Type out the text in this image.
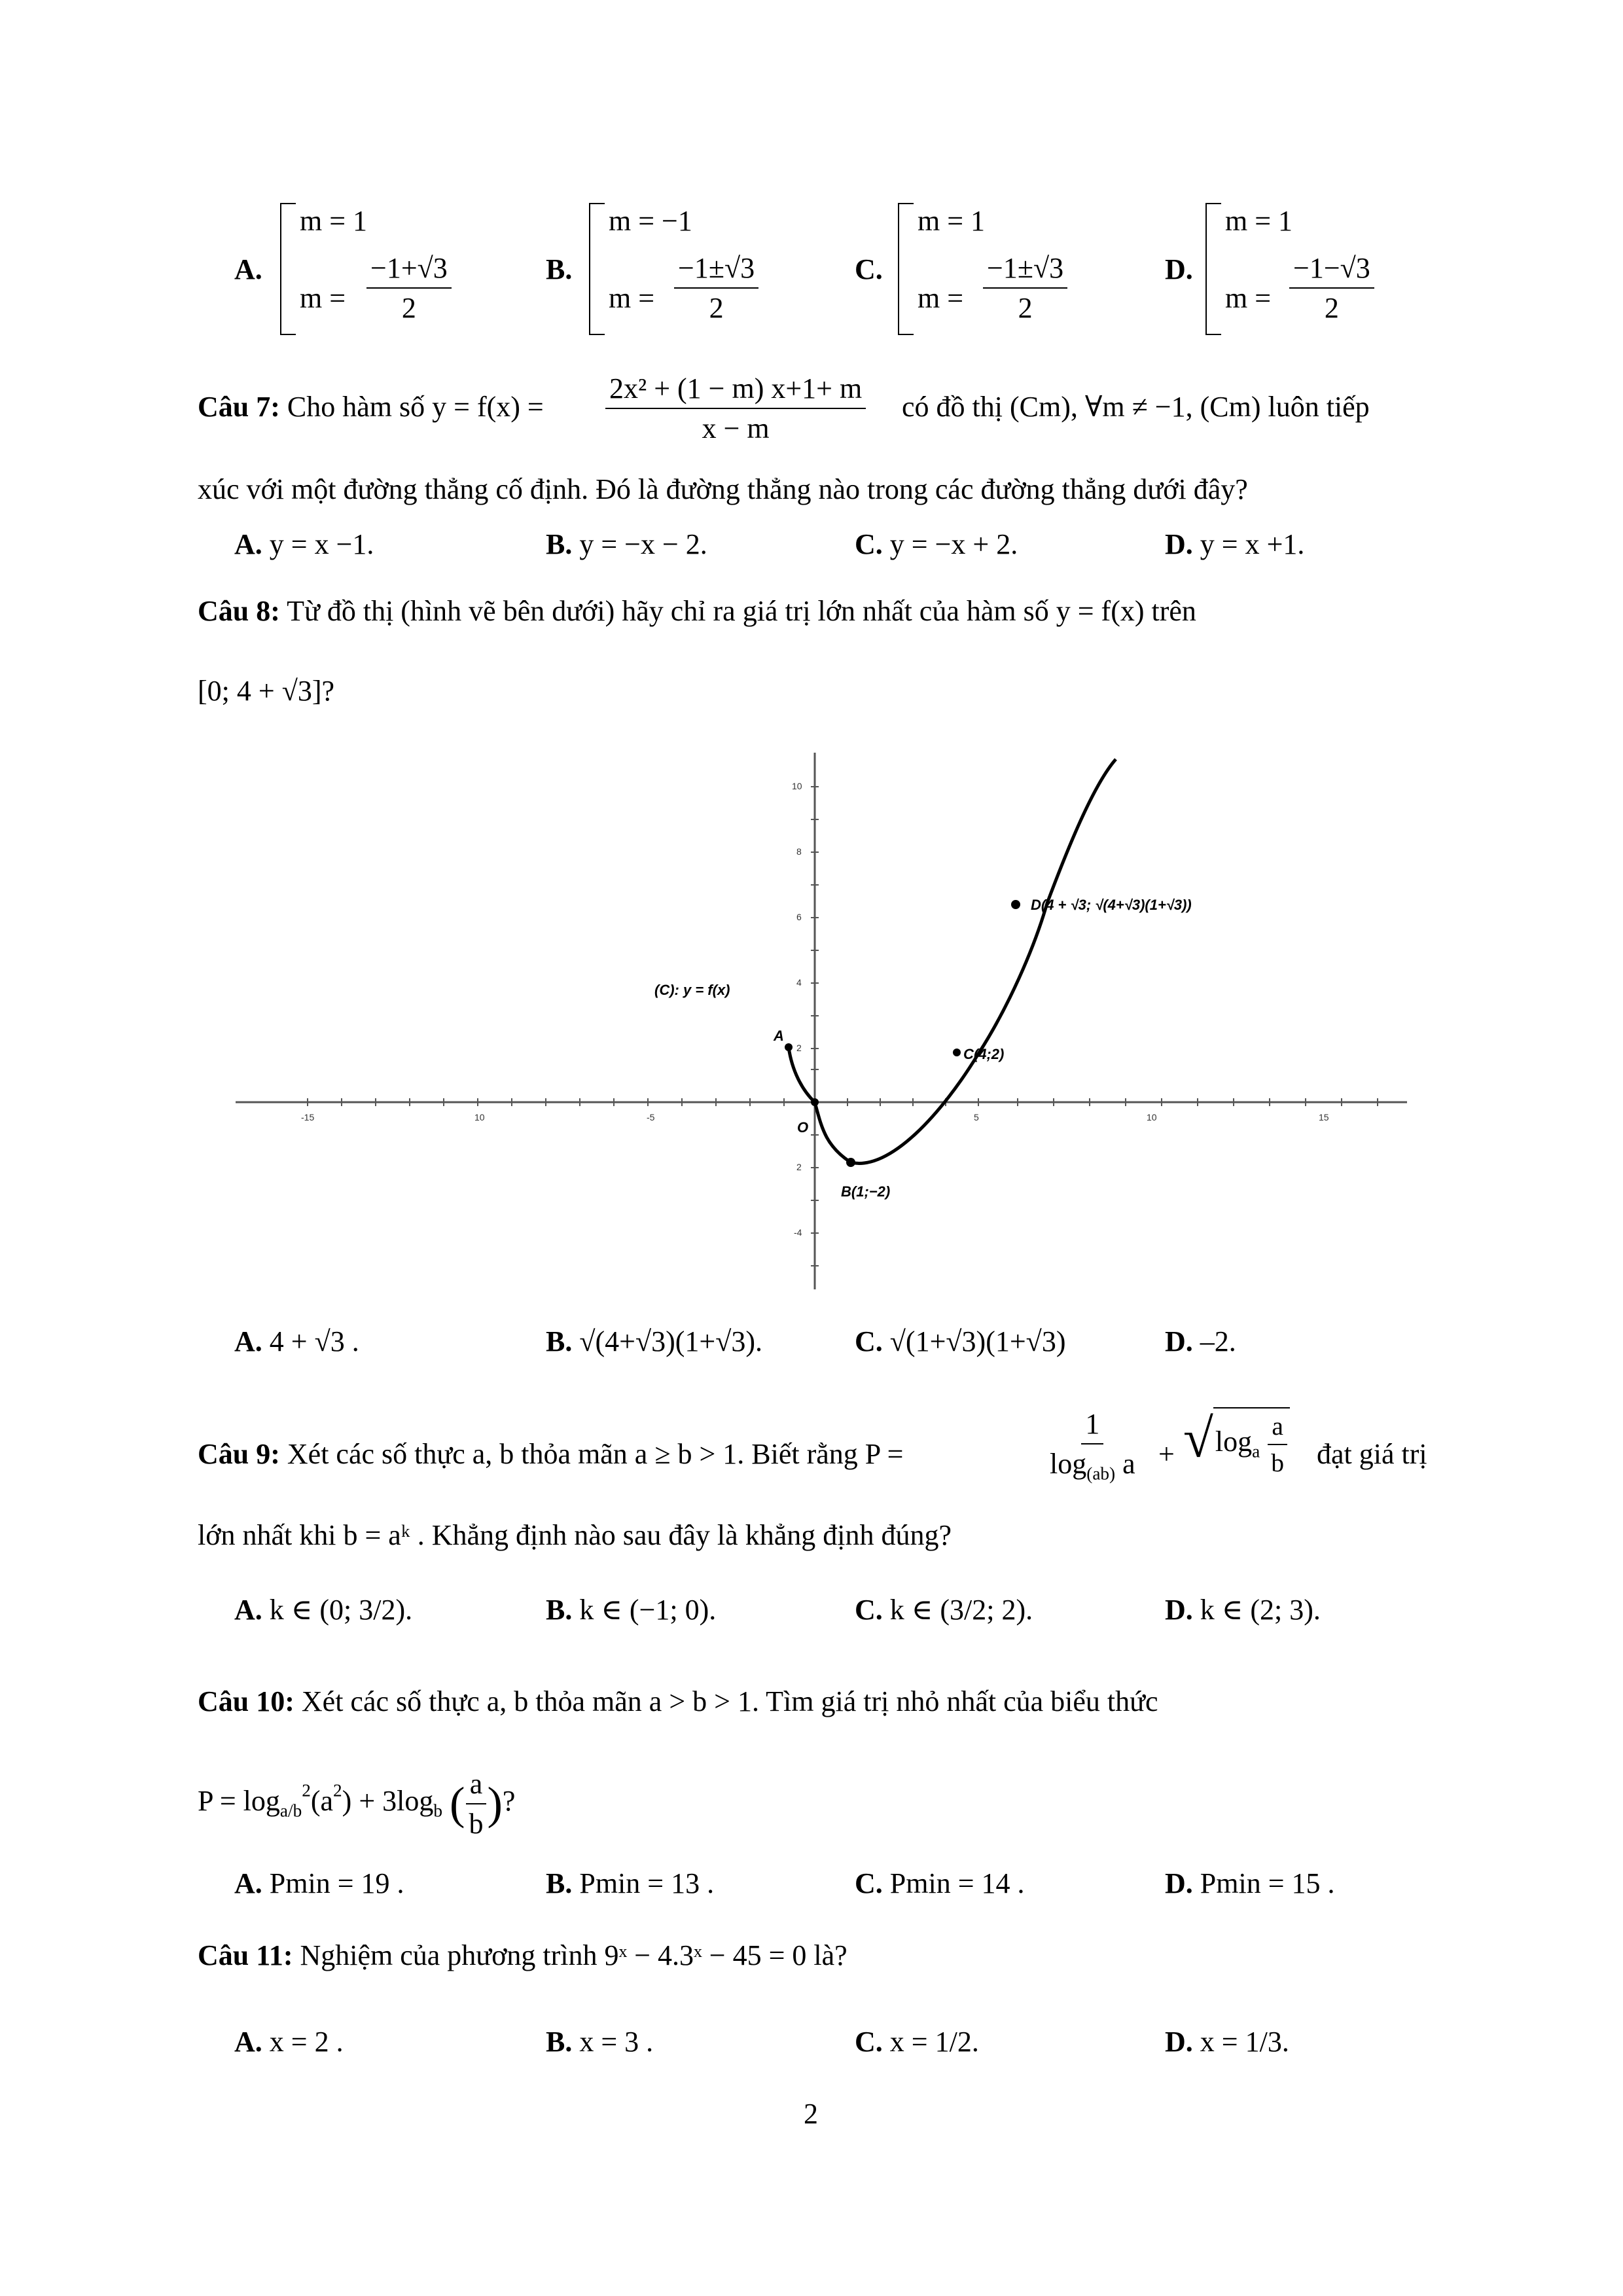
A.
m = 1
$m = \frac{-1+√3}{2}$	B.
m = −1
$m = \frac{-1\pm√3}{2}$	C.
m = 1
$m = \frac{-1\pm√3}{2}$	D.
m = 1
$m = \frac{-1-√3}{2}$
Câu 7: Cho hàm số $y = f(x) = \frac{\text{2x² + (1 − m) x+1+ m}}{x - m}$ có đồ thị (Cm), ∀m ≠ −1, (Cm) luôn tiếp
xúc với một đường thẳng cố định. Đó là đường thẳng nào trong các đường thẳng dưới đây?
A. y = x −1.	B. y = −x − 2.	C. y = −x + 2.	D. y = x +1.
Câu 8: Từ đồ thị (hình vẽ bên dưới) hãy chỉ ra giá trị lớn nhất của hàm số y = f(x) trên
[0; 4 + √3]?
-15	10	-5	5	10	15
10
8
6
4
2
2
-4
(C): y = f(x)
A
O
B(1;−2)
C(4;2)
D(4 + √3; √(4+√3)(1+√3))
A. 4 + √3 .	B. √(4+√3)(1+√3).	C. √(1+√3)(1+√3)	D. –2.
Câu 9: Xét các số thực a, b thỏa mãn a ≥ b > 1. Biết rằng P =	$\frac{1}{\log_{(ab)} a} + √\log_a \frac{a}{b}$ đạt giá trị
lớn nhất khi b = aᵏ . Khẳng định nào sau đây là khẳng định đúng?
A. k ∈ (0; 3/2).	B. k ∈ (−1; 0).	C. k ∈ (3/2; 2).	D. k ∈ (2; 3).
Câu 10: Xét các số thực a, b thỏa mãn a > b > 1. Tìm giá trị nhỏ nhất của biểu thức
$P = \log_{a/b}^2(a^2) + 3\log_b$ ( $\frac{a}{b}$ )?
A. Pmin = 19 .	B. Pmin = 13 .	C. Pmin = 14 .	D. Pmin = 15 .
Câu 11: Nghiệm của phương trình 9ˣ − 4.3ˣ − 45 = 0 là?
A. x = 2 .	B. x = 3 .	C. x = 1/2.	D. x = 1/3.
2
